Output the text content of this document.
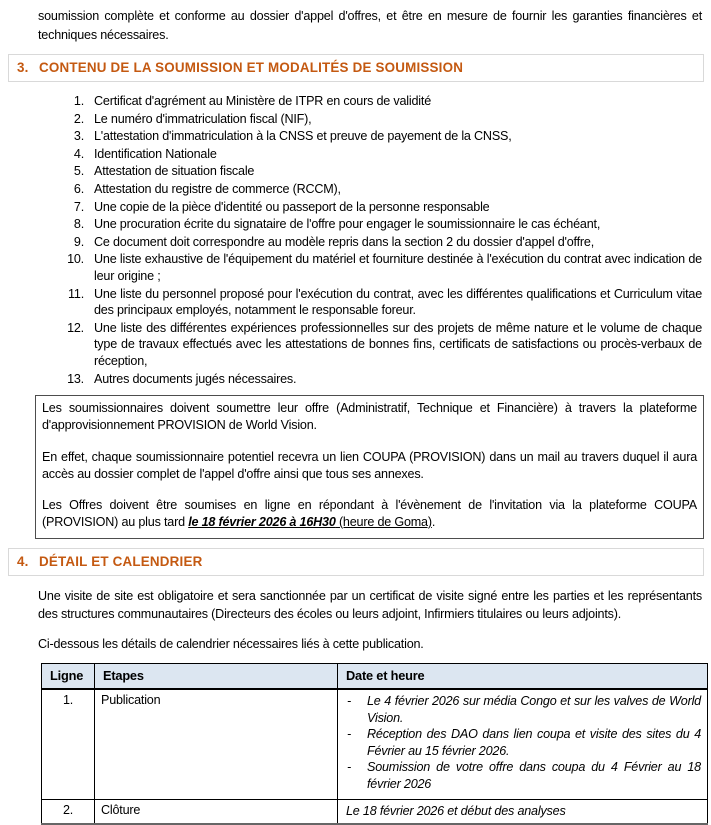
soumission complète et conforme au dossier d'appel d'offres, et être en mesure de fournir les garanties financières et techniques nécessaires.

3. CONTENU DE LA SOUMISSION ET MODALITÉS DE SOUMISSION
1. Certificat d'agrément au Ministère de ITPR en cours de validité
2. Le numéro d'immatriculation fiscal (NIF),
3. L'attestation d'immatriculation à la CNSS et preuve de payement de la CNSS,
4. Identification Nationale
5. Attestation de situation fiscale
6. Attestation du registre de commerce (RCCM),
7. Une copie de la pièce d'identité ou passeport de la personne responsable
8. Une procuration écrite du signataire de l'offre pour engager le soumissionnaire le cas échéant,
9. Ce document doit correspondre au modèle repris dans la section 2 du dossier d'appel d'offre,
10. Une liste exhaustive de l'équipement du matériel et fourniture destinée à l'exécution du contrat avec indication de leur origine ;
11. Une liste du personnel proposé pour l'exécution du contrat, avec les différentes qualifications et Curriculum vitae des principaux employés, notamment le responsable foreur.
12. Une liste des différentes expériences professionnelles sur des projets de même nature et le volume de chaque type de travaux effectués avec les attestations de bonnes fins, certificats de satisfactions ou procès-verbaux de réception,
13. Autres documents jugés nécessaires.

Les soumissionnaires doivent soumettre leur offre (Administratif, Technique et Financière) à travers la plateforme d'approvisionnement PROVISION de World Vision.

En effet, chaque soumissionnaire potentiel recevra un lien COUPA (PROVISION) dans un mail au travers duquel il aura accès au dossier complet de l'appel d'offre ainsi que tous ses annexes.

Les Offres doivent être soumises en ligne en répondant à l'évènement de l'invitation via la plateforme COUPA (PROVISION) au plus tard le 18 février 2026 à 16H30 (heure de Goma).

4. DÉTAIL ET CALENDRIER

Une visite de site est obligatoire et sera sanctionnée par un certificat de visite signé entre les parties et les représentants des structures communautaires (Directeurs des écoles ou leurs adjoint, Infirmiers titulaires ou leurs adjoints).

Ci-dessous les détails de calendrier nécessaires liés à cette publication.

Ligne	Etapes	Date et heure
1.	Publication	-	Le 4 février 2026 sur média Congo et sur les valves de World Vision.
-	Réception des DAO dans lien coupa et visite des sites du 4 Février au 15 février 2026.
-	Soumission de votre offre dans coupa du 4 Février au 18 février 2026

2.	Clôture	Le 18 février 2026 et début des analyses
